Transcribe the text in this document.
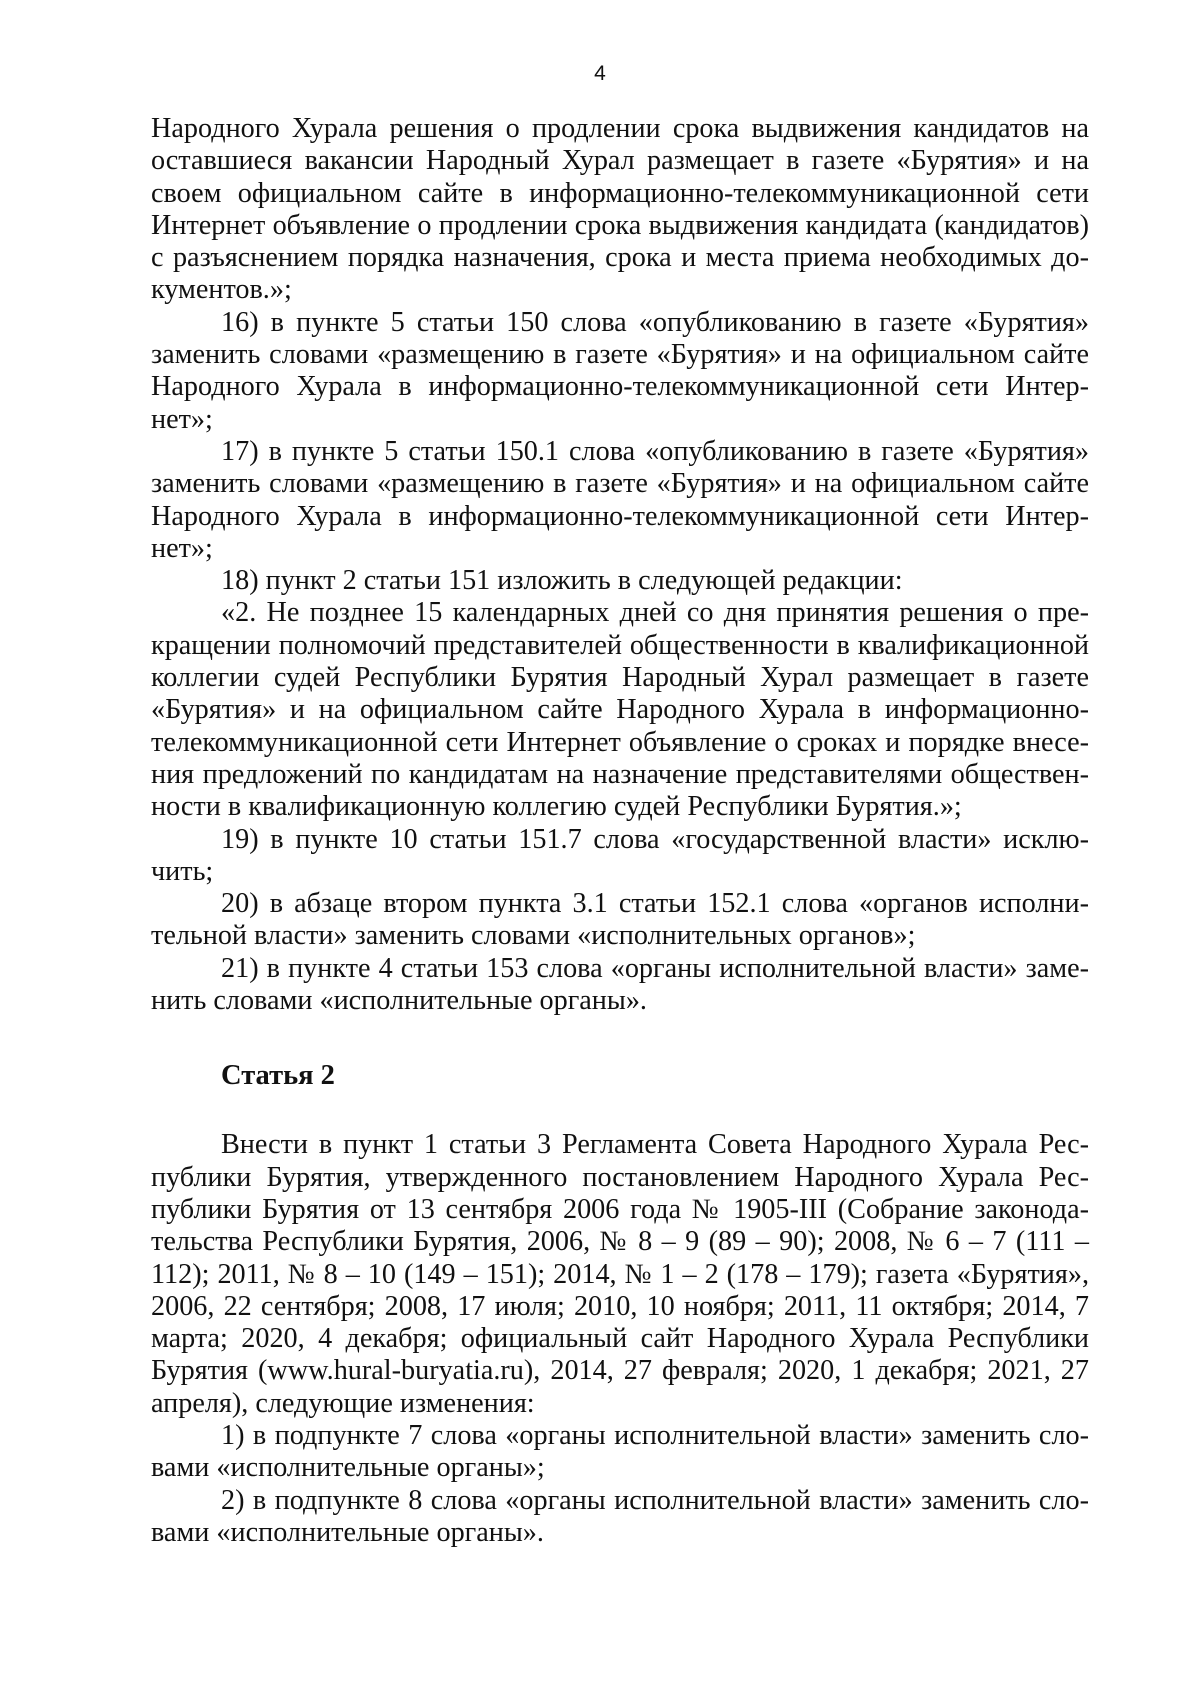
4

Народного Хурала решения о продлении срока выдвижения кандидатов на оставшиеся вакансии Народный Хурал размещает в газете «Бурятия» и на своем официальном сайте в информационно-телекоммуникационной сети Интернет объявление о продлении срока выдвижения кандидата (кандидатов) с разъяснением порядка назначения, срока и места приема необходимых документов.»;

16) в пункте 5 статьи 150 слова «опубликованию в газете «Бурятия» заменить словами «размещению в газете «Бурятия» и на официальном сайте Народного Хурала в информационно-телекоммуникационной сети Интернет»;

17) в пункте 5 статьи 150.1 слова «опубликованию в газете «Бурятия» заменить словами «размещению в газете «Бурятия» и на официальном сайте Народного Хурала в информационно-телекоммуникационной сети Интернет»;

18) пункт 2 статьи 151 изложить в следующей редакции:

«2. Не позднее 15 календарных дней со дня принятия решения о прекращении полномочий представителей общественности в квалификационной коллегии судей Республики Бурятия Народный Хурал размещает в газете «Бурятия» и на официальном сайте Народного Хурала в информационно-телекоммуникационной сети Интернет объявление о сроках и порядке внесения предложений по кандидатам на назначение представителями общественности в квалификационную коллегию судей Республики Бурятия.»;

19) в пункте 10 статьи 151.7 слова «государственной власти» исключить;

20) в абзаце втором пункта 3.1 статьи 152.1 слова «органов исполнительной власти» заменить словами «исполнительных органов»;

21) в пункте 4 статьи 153 слова «органы исполнительной власти» заменить словами «исполнительные органы».

Статья 2

Внести в пункт 1 статьи 3 Регламента Совета Народного Хурала Республики Бурятия, утвержденного постановлением Народного Хурала Республики Бурятия от 13 сентября 2006 года № 1905-III (Собрание законодательства Республики Бурятия, 2006, № 8 – 9 (89 – 90); 2008, № 6 – 7 (111 – 112); 2011, № 8 – 10 (149 – 151); 2014, № 1 – 2 (178 – 179); газета «Бурятия», 2006, 22 сентября; 2008, 17 июля; 2010, 10 ноября; 2011, 11 октября; 2014, 7 марта; 2020, 4 декабря; официальный сайт Народного Хурала Республики Бурятия (www.hural-buryatia.ru), 2014, 27 февраля; 2020, 1 декабря; 2021, 27 апреля), следующие изменения:

1) в подпункте 7 слова «органы исполнительной власти» заменить словами «исполнительные органы»;

2) в подпункте 8 слова «органы исполнительной власти» заменить словами «исполнительные органы».
